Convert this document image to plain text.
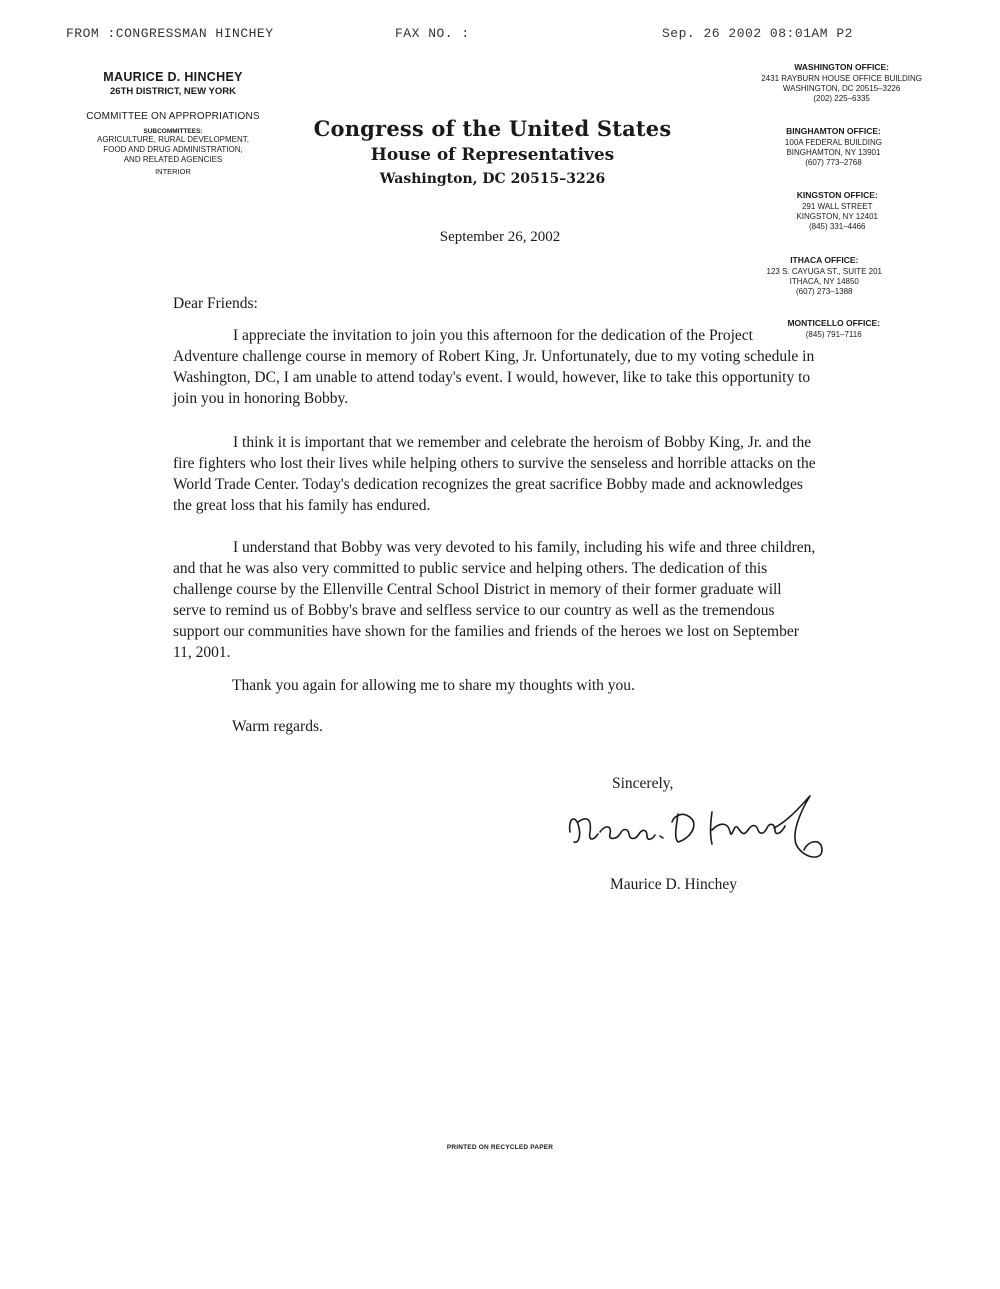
FROM :CONGRESSMAN HINCHEY	FAX NO. :	Sep. 26 2002 08:01AM P2
MAURICE D. HINCHEY
26TH DISTRICT, NEW YORK
COMMITTEE ON APPROPRIATIONS
SUBCOMMITTEES:
AGRICULTURE, RURAL DEVELOPMENT,
FOOD AND DRUG ADMINISTRATION,
AND RELATED AGENCIES
INTERIOR
Congress of the United States
House of Representatives
Washington, DC 20515–3226
September 26, 2002
WASHINGTON OFFICE:
2431 RAYBURN HOUSE OFFICE BUILDING
WASHINGTON, DC 20515–3226
(202) 225–6335
BINGHAMTON OFFICE:
100A FEDERAL BUILDING
BINGHAMTON, NY 13901
(607) 773–2768
KINGSTON OFFICE:
291 WALL STREET
KINGSTON, NY 12401
(845) 331–4466
ITHACA OFFICE:
123 S. CAYUGA ST., SUITE 201
ITHACA, NY 14850
(607) 273–1388
MONTICELLO OFFICE:
(845) 791–7116
Dear Friends:
I appreciate the invitation to join you this afternoon for the dedication of the Project Adventure challenge course in memory of Robert King, Jr. Unfortunately, due to my voting schedule in Washington, DC, I am unable to attend today's event. I would, however, like to take this opportunity to join you in honoring Bobby.
I think it is important that we remember and celebrate the heroism of Bobby King, Jr. and the fire fighters who lost their lives while helping others to survive the senseless and horrible attacks on the World Trade Center. Today's dedication recognizes the great sacrifice Bobby made and acknowledges the great loss that his family has endured.
I understand that Bobby was very devoted to his family, including his wife and three children, and that he was also very committed to public service and helping others. The dedication of this challenge course by the Ellenville Central School District in memory of their former graduate will serve to remind us of Bobby's brave and selfless service to our country as well as the tremendous support our communities have shown for the families and friends of the heroes we lost on September 11, 2001.
Thank you again for allowing me to share my thoughts with you.
Warm regards.
Sincerely,
Maurice D. Hinchey
PRINTED ON RECYCLED PAPER
